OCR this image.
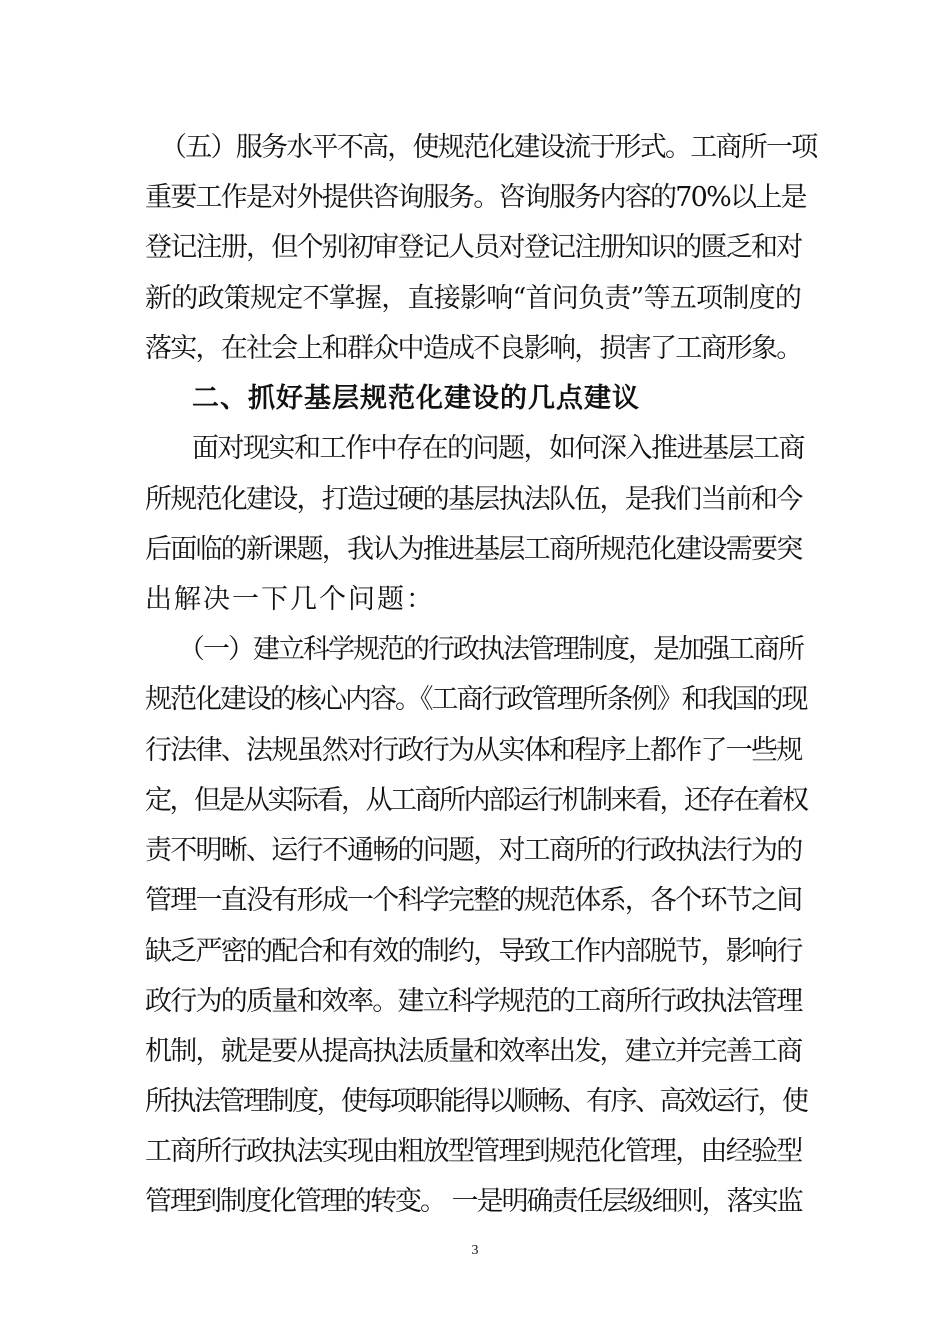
（五）服务水平不高，使规范化建设流于形式。工商所一项
重要工作是对外提供咨询服务。咨询服务内容的70%以上是
登记注册，但个别初审登记人员对登记注册知识的匮乏和对
新的政策规定不掌握，直接影响“首问负责”等五项制度的
落实，在社会上和群众中造成不良影响，损害了工商形象。
二、抓好基层规范化建设的几点建议
面对现实和工作中存在的问题，如何深入推进基层工商
所规范化建设，打造过硬的基层执法队伍，是我们当前和今
后面临的新课题，我认为推进基层工商所规范化建设需要突
出解决一下几个问题：
（一）建立科学规范的行政执法管理制度，是加强工商所
规范化建设的核心内容。《工商行政管理所条例》和我国的现
行法律、法规虽然对行政行为从实体和程序上都作了一些规
定，但是从实际看，从工商所内部运行机制来看，还存在着权
责不明晰、运行不通畅的问题，对工商所的行政执法行为的
管理一直没有形成一个科学完整的规范体系，各个环节之间
缺乏严密的配合和有效的制约，导致工作内部脱节，影响行
政行为的质量和效率。建立科学规范的工商所行政执法管理
机制，就是要从提高执法质量和效率出发，建立并完善工商
所执法管理制度，使每项职能得以顺畅、有序、高效运行，使
工商所行政执法实现由粗放型管理到规范化管理，由经验型
管理到制度化管理的转变。 一是明确责任层级细则，落实监
3
